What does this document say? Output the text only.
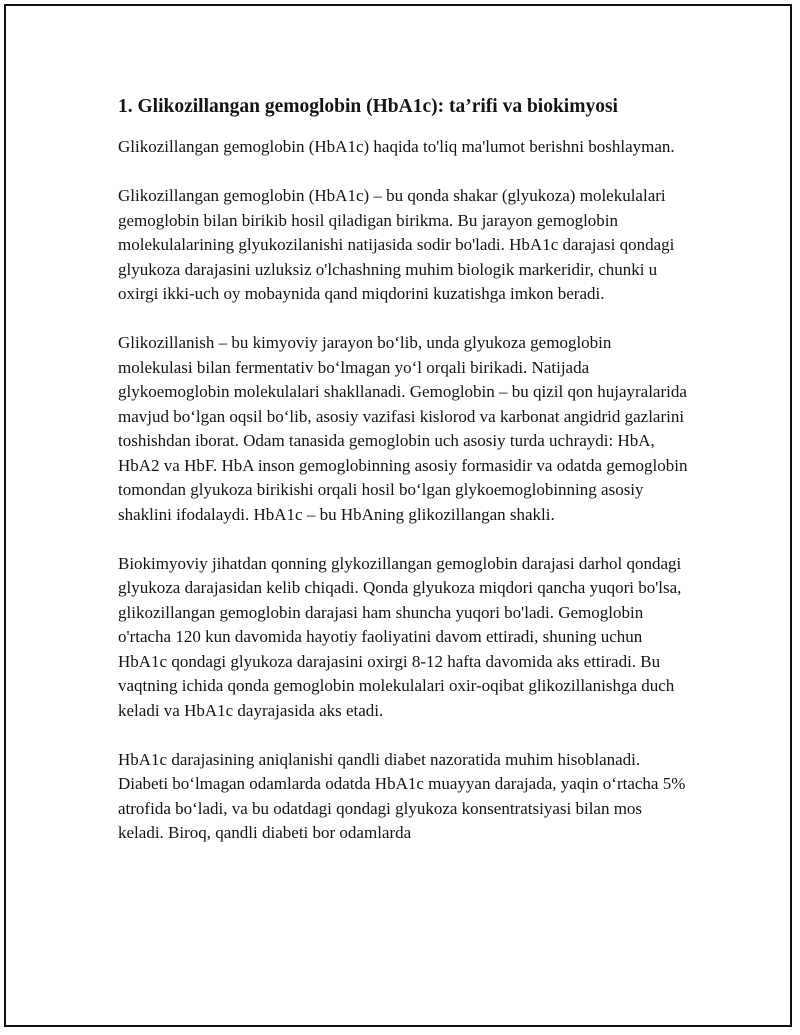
1. Glikozillangan gemoglobin (HbA1c): ta’rifi va biokimyosi

Glikozillangan gemoglobin (HbA1c) haqida to'liq ma'lumot berishni boshlayman.

Glikozillangan gemoglobin (HbA1c) – bu qonda shakar (glyukoza) molekulalari gemoglobin bilan birikib hosil qiladigan birikma. Bu jarayon gemoglobin molekulalarining glyukozilanishi natijasida sodir bo'ladi. HbA1c darajasi qondagi glyukoza darajasini uzluksiz o'lchashning muhim biologik markeridir, chunki u oxirgi ikki-uch oy mobaynida qand miqdorini kuzatishga imkon beradi.

Glikozillanish – bu kimyoviy jarayon bo‘lib, unda glyukoza gemoglobin molekulasi bilan fermentativ bo‘lmagan yo‘l orqali birikadi. Natijada glykoemoglobin molekulalari shakllanadi. Gemoglobin – bu qizil qon hujayralarida mavjud bo‘lgan oqsil bo‘lib, asosiy vazifasi kislorod va karbonat angidrid gazlarini toshishdan iborat. Odam tanasida gemoglobin uch asosiy turda uchraydi: HbA, HbA2 va HbF. HbA inson gemoglobinning asosiy formasidir va odatda gemoglobin tomondan glyukoza birikishi orqali hosil bo‘lgan glykoemoglobinning asosiy shaklini ifodalaydi. HbA1c – bu HbAning glikozillangan shakli.

Biokimyoviy jihatdan qonning glykozillangan gemoglobin darajasi darhol qondagi glyukoza darajasidan kelib chiqadi. Qonda glyukoza miqdori qancha yuqori bo'lsa, glikozillangan gemoglobin darajasi ham shuncha yuqori bo'ladi. Gemoglobin o'rtacha 120 kun davomida hayotiy faoliyatini davom ettiradi, shuning uchun HbA1c qondagi glyukoza darajasini oxirgi 8-12 hafta davomida aks ettiradi. Bu vaqtning ichida qonda gemoglobin molekulalari oxir-oqibat glikozillanishga duch keladi va HbA1c dayrajasida aks etadi.

HbA1c darajasining aniqlanishi qandli diabet nazoratida muhim hisoblanadi. Diabeti bo‘lmagan odamlarda odatda HbA1c muayyan darajada, yaqin o‘rtacha 5% atrofida bo‘ladi, va bu odatdagi qondagi glyukoza konsentratsiyasi bilan mos keladi. Biroq, qandli diabeti bor odamlarda
